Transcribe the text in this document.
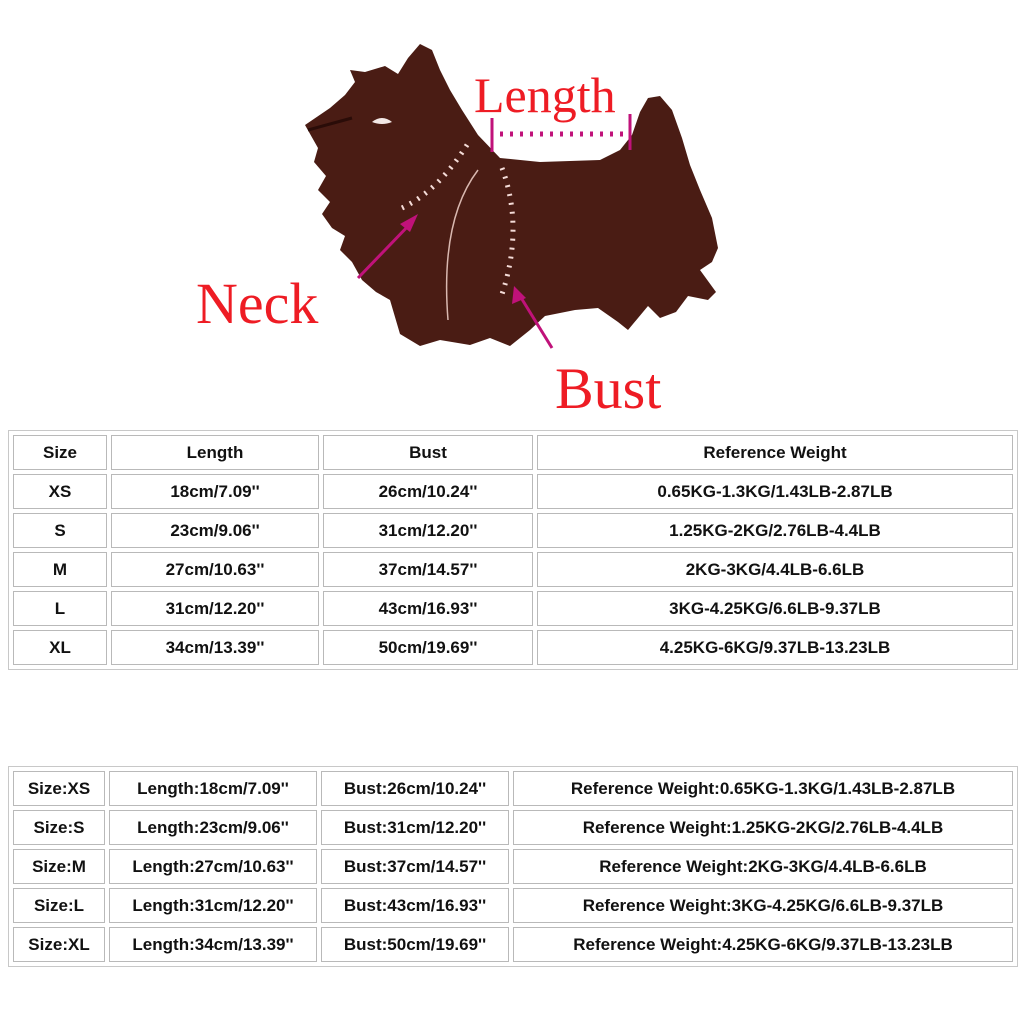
Length
Neck
Bust
Size	Length	Bust	Reference Weight
XS	18cm/7.09''	26cm/10.24''	0.65KG-1.3KG/1.43LB-2.87LB
S	23cm/9.06''	31cm/12.20''	1.25KG-2KG/2.76LB-4.4LB
M	27cm/10.63''	37cm/14.57''	2KG-3KG/4.4LB-6.6LB
L	31cm/12.20''	43cm/16.93''	3KG-4.25KG/6.6LB-9.37LB
XL	34cm/13.39''	50cm/19.69''	4.25KG-6KG/9.37LB-13.23LB
Size:XS	Length:18cm/7.09''	Bust:26cm/10.24''	Reference Weight:0.65KG-1.3KG/1.43LB-2.87LB
Size:S	Length:23cm/9.06''	Bust:31cm/12.20''	Reference Weight:1.25KG-2KG/2.76LB-4.4LB
Size:M	Length:27cm/10.63''	Bust:37cm/14.57''	Reference Weight:2KG-3KG/4.4LB-6.6LB
Size:L	Length:31cm/12.20''	Bust:43cm/16.93''	Reference Weight:3KG-4.25KG/6.6LB-9.37LB
Size:XL	Length:34cm/13.39''	Bust:50cm/19.69''	Reference Weight:4.25KG-6KG/9.37LB-13.23LB
